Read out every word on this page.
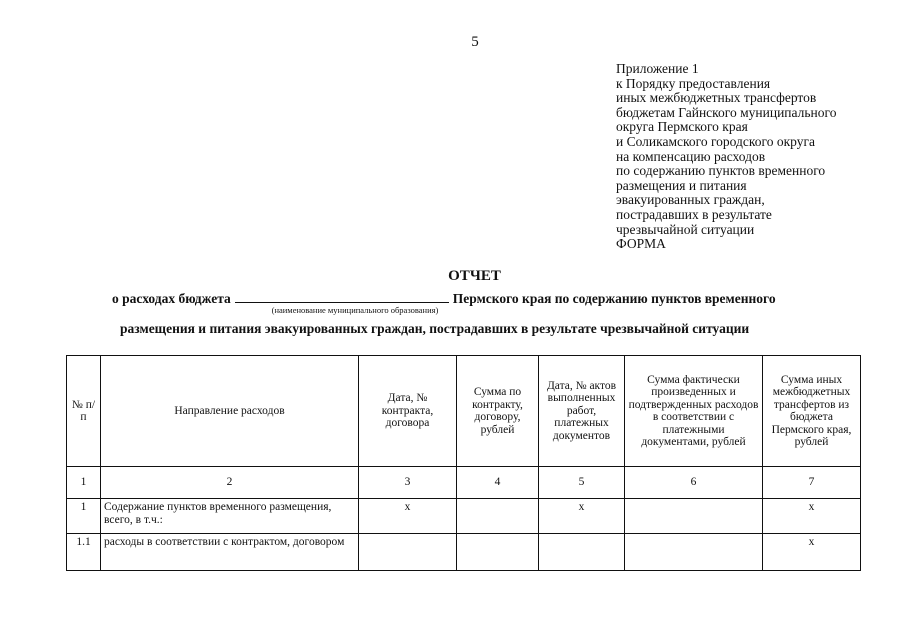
5
Приложение 1
к Порядку предоставления
иных межбюджетных трансфертов
бюджетам Гайнского муниципального
округа Пермского края
и Соликамского городского округа
на компенсацию расходов
по содержанию пунктов временного
размещения и питания
эвакуированных граждан,
пострадавших в результате
чрезвычайной ситуации
ФОРМА
ОТЧЕТ
о расходах бюджета	Пермского края по содержанию пунктов временного
(наименование муниципального образования)
размещения и питания эвакуированных граждан, пострадавших в результате чрезвычайной ситуации
№ п/п	Направление расходов	Дата, № контракта, договора	Сумма по контракту, договору, рублей	Дата, № актов выполненных работ, платежных документов	Сумма фактически произведенных и подтвержденных расходов в соответствии с платежными документами, рублей	Сумма иных межбюджетных трансфертов из бюджета Пермского края, рублей
1	2	3	4	5	6	7
1	Содержание пунктов временного размещения, всего, в т.ч.:	x		x		x
1.1	расходы в соответствии с контрактом, договором					x
